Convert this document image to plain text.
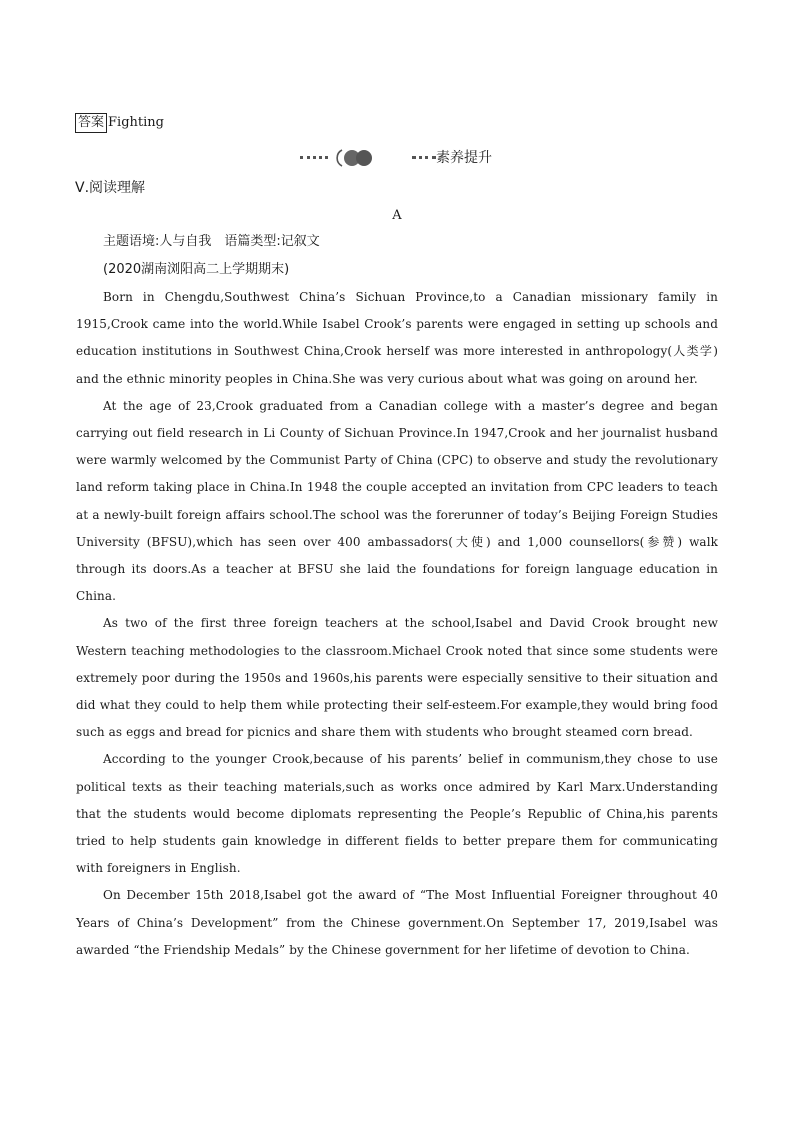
答案 Fighting
素养提升
Ⅴ.阅读理解
A
主题语境:人与自我　语篇类型:记叙文
(2020湖南浏阳高二上学期期末)

Born in Chengdu,Southwest China’s Sichuan Province,to a Canadian missionary family in 1915,Crook came into the world.While Isabel Crook’s parents were engaged in setting up schools and education institutions in Southwest China,Crook herself was more interested in anthropology(人类学) and the ethnic minority peoples in China.She was very curious about what was going on around her.

At the age of 23,Crook graduated from a Canadian college with a master’s degree and began carrying out field research in Li County of Sichuan Province.In 1947,Crook and her journalist husband were warmly welcomed by the Communist Party of China (CPC) to observe and study the revolutionary land reform taking place in China.In 1948 the couple accepted an invitation from CPC leaders to teach at a newly-built foreign affairs school.The school was the forerunner of today’s Beijing Foreign Studies University (BFSU),which has seen over 400 ambassadors(大使) and 1,000 counsellors(参赞) walk through its doors.As a teacher at BFSU she laid the foundations for foreign language education in China.

As two of the first three foreign teachers at the school,Isabel and David Crook brought new Western teaching methodologies to the classroom.Michael Crook noted that since some students were extremely poor during the 1950s and 1960s,his parents were especially sensitive to their situation and did what they could to help them while protecting their self-esteem.For example,they would bring food such as eggs and bread for picnics and share them with students who brought steamed corn bread.

According to the younger Crook,because of his parents’ belief in communism,they chose to use political texts as their teaching materials,such as works once admired by Karl Marx.Understanding that the students would become diplomats representing the People’s Republic of China,his parents tried to help students gain knowledge in different fields to better prepare them for communicating with foreigners in English.

On December 15th 2018,Isabel got the award of “The Most Influential Foreigner throughout 40 Years of China’s Development” from the Chinese government.On September 17, 2019,Isabel was awarded “the Friendship Medals” by the Chinese government for her lifetime of devotion to China.
